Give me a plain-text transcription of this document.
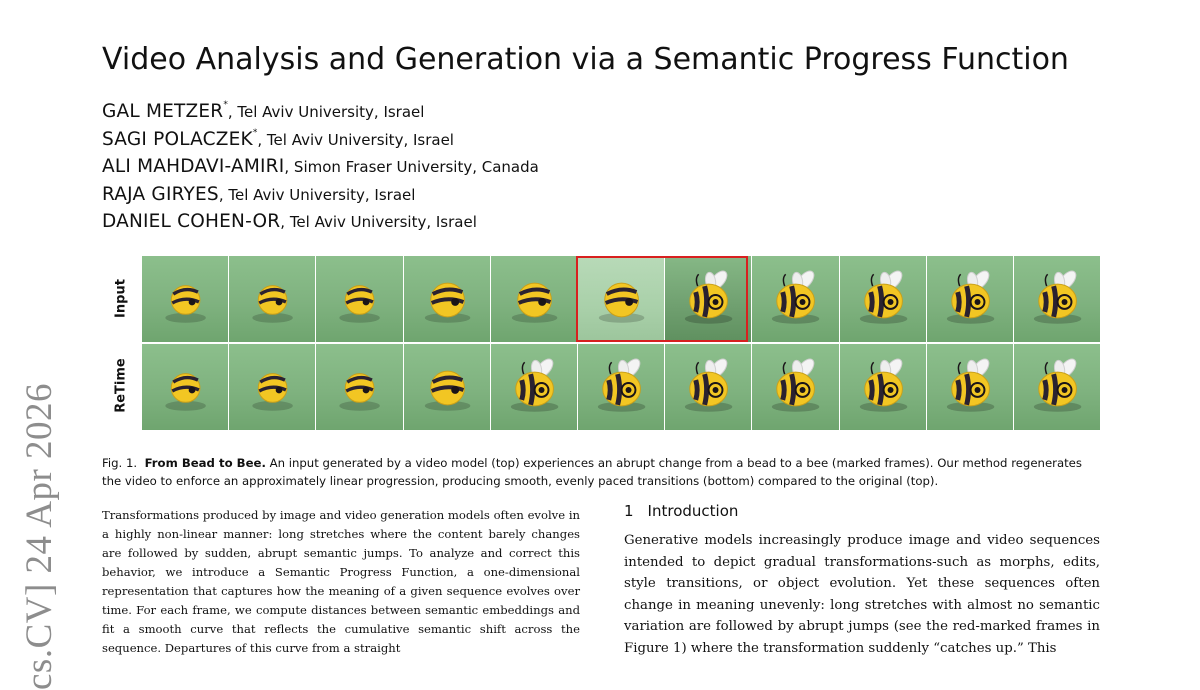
cs.CV] 24 Apr 2026
Video Analysis and Generation via a Semantic Progress Function
GAL METZER*, Tel Aviv University, Israel
SAGI POLACZEK*, Tel Aviv University, Israel
ALI MAHDAVI-AMIRI, Simon Fraser University, Canada
RAJA GIRYES, Tel Aviv University, Israel
DANIEL COHEN-OR, Tel Aviv University, Israel
Input
ReTime
Fig. 1. From Bead to Bee. An input generated by a video model (top) experiences an abrupt change from a bead to a bee (marked frames). Our method regenerates the video to enforce an approximately linear progression, producing smooth, evenly paced transitions (bottom) compared to the original (top).
Transformations produced by image and video generation models often evolve in a highly non-linear manner: long stretches where the content barely changes are followed by sudden, abrupt semantic jumps. To analyze and correct this behavior, we introduce a Semantic Progress Function, a one-dimensional representation that captures how the meaning of a given sequence evolves over time. For each frame, we compute distances between semantic embeddings and fit a smooth curve that reflects the cumulative semantic shift across the sequence. Departures of this curve from a straight
1 Introduction
Generative models increasingly produce image and video sequences intended to depict gradual transformations-such as morphs, edits, style transitions, or object evolution. Yet these sequences often change in meaning unevenly: long stretches with almost no semantic variation are followed by abrupt jumps (see the red-marked frames in Figure 1) where the transformation suddenly “catches up.” This
